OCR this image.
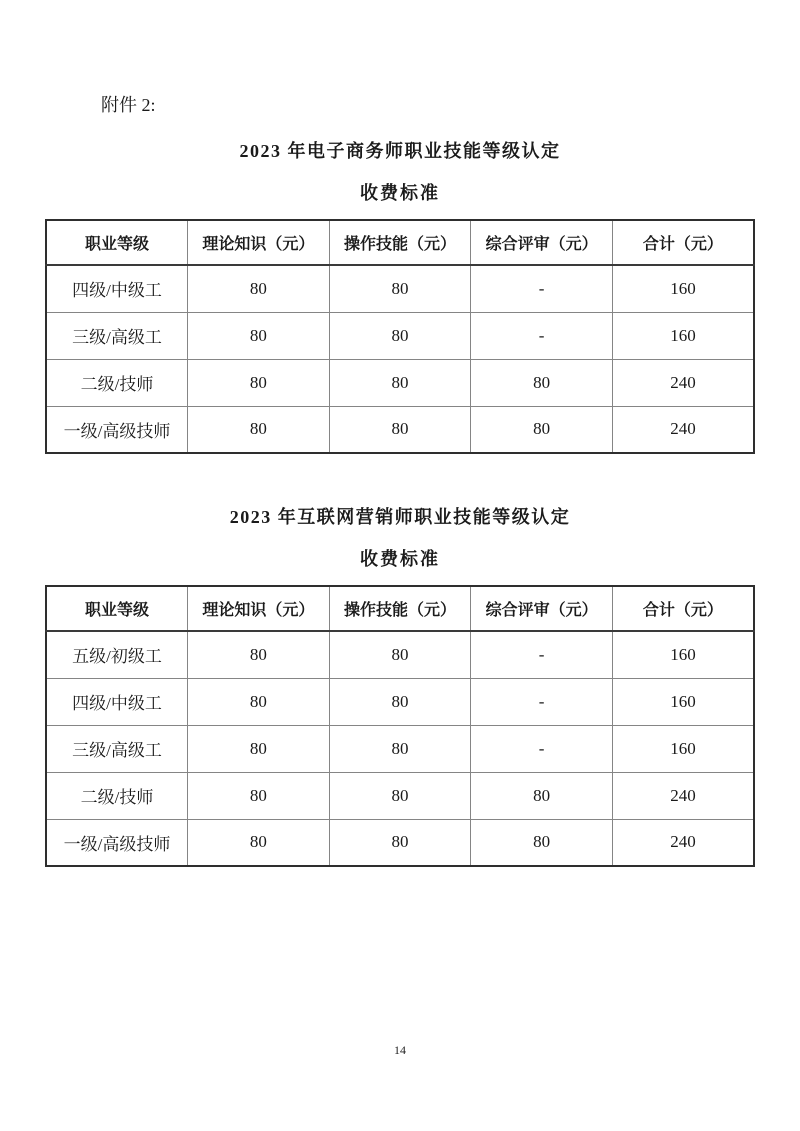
附件 2:
2023 年电子商务师职业技能等级认定
收费标准
职业等级	理论知识（元）	操作技能（元）	综合评审（元）	合计（元）
四级/中级工	80	80	-	160
三级/高级工	80	80	-	160
二级/技师	80	80	80	240
一级/高级技师	80	80	80	240
2023 年互联网营销师职业技能等级认定
收费标准
职业等级	理论知识（元）	操作技能（元）	综合评审（元）	合计（元）
五级/初级工	80	80	-	160
四级/中级工	80	80	-	160
三级/高级工	80	80	-	160
二级/技师	80	80	80	240
一级/高级技师	80	80	80	240
14
